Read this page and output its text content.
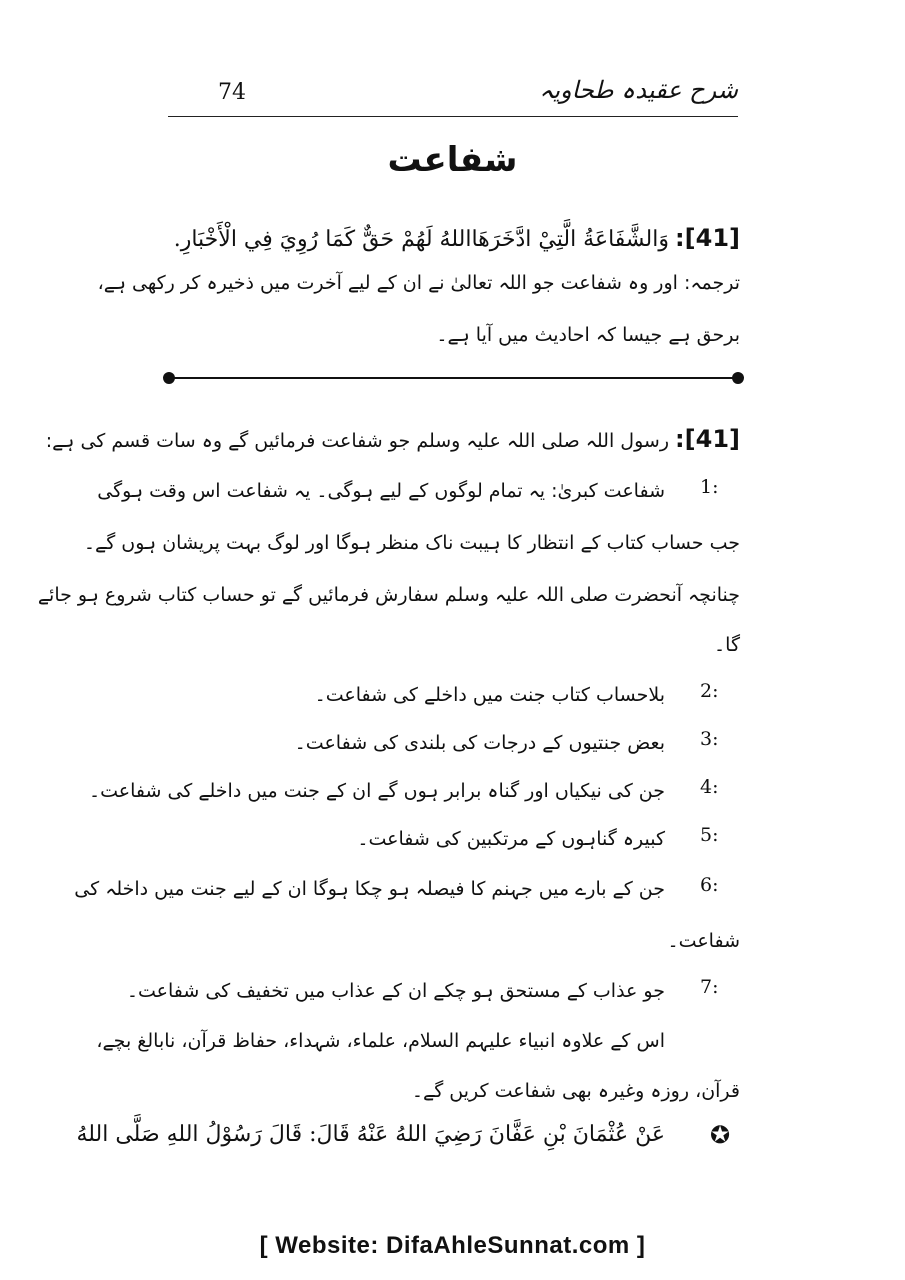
شرح عقیدہ طحاویہ
74
شفاعت
[41]: وَالشَّفَاعَةُ الَّتِيْ ادَّخَرَهَااللهُ لَهُمْ حَقٌّ كَمَا رُوِيَ فِي الْأَخْبَارِ.
ترجمہ: اور وہ شفاعت جو اللہ تعالیٰ نے ان کے لیے آخرت میں ذخیرہ کر رکھی ہے،
برحق ہے جیسا کہ احادیث میں آیا ہے۔
[41]: رسول اللہ صلی اللہ علیہ وسلم جو شفاعت فرمائیں گے وہ سات قسم کی ہے:
1:
شفاعت کبریٰ: یہ تمام لوگوں کے لیے ہوگی۔ یہ شفاعت اس وقت ہوگی
جب حساب کتاب کے انتظار کا ہیبت ناک منظر ہوگا اور لوگ بہت پریشان ہوں گے۔
چنانچہ آنحضرت صلی اللہ علیہ وسلم سفارش فرمائیں گے تو حساب کتاب شروع ہو جائے
گا۔
2:
بلاحساب کتاب جنت میں داخلے کی شفاعت۔
3:
بعض جنتیوں کے درجات کی بلندی کی شفاعت۔
4:
جن کی نیکیاں اور گناہ برابر ہوں گے ان کے جنت میں داخلے کی شفاعت۔
5:
کبیرہ گناہوں کے مرتکبین کی شفاعت۔
6:
جن کے بارے میں جہنم کا فیصلہ ہو چکا ہوگا ان کے لیے جنت میں داخلہ کی
شفاعت۔
7:
جو عذاب کے مستحق ہو چکے ان کے عذاب میں تخفیف کی شفاعت۔
اس کے علاوہ انبیاء علیہم السلام، علماء، شہداء، حفاظ قرآن، نابالغ بچے،
قرآن، روزہ وغیرہ بھی شفاعت کریں گے۔
✪
عَنْ عُثْمَانَ بْنِ عَفَّانَ رَضِيَ اللهُ عَنْهُ قَالَ: قَالَ رَسُوْلُ اللهِ صَلَّى اللهُ
[ Website: DifaAhleSunnat.com ]
